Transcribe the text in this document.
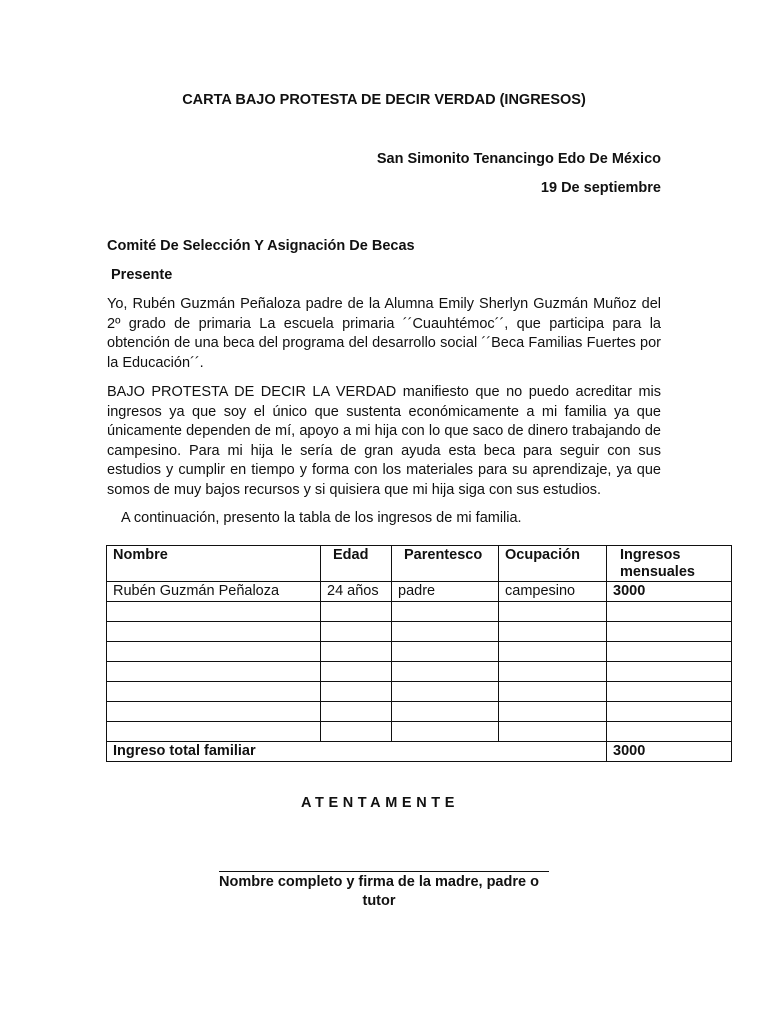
CARTA BAJO PROTESTA DE DECIR VERDAD (INGRESOS)
San Simonito Tenancingo Edo De México
19 De septiembre
Comité De Selección Y Asignación De Becas
Presente

Yo, Rubén Guzmán Peñaloza padre de la Alumna Emily Sherlyn Guzmán Muñoz del 2º grado de primaria La escuela primaria ´´Cuauhtémoc´´, que participa para la obtención de una beca del programa del desarrollo social ´´Beca Familias Fuertes por la Educación´´.

BAJO PROTESTA DE DECIR LA VERDAD manifiesto que no puedo acreditar mis ingresos ya que soy el único que sustenta económicamente a mi familia ya que únicamente dependen de mí, apoyo a mi hija con lo que saco de dinero trabajando de campesino. Para mi hija le sería de gran ayuda esta beca para seguir con sus estudios y cumplir en tiempo y forma con los materiales para su aprendizaje, ya que somos de muy bajos recursos y si quisiera que mi hija siga con sus estudios.

A continuación, presento la tabla de los ingresos de mi familia.
Nombre	Edad	Parentesco	Ocupación	Ingresos mensuales
Rubén Guzmán Peñaloza	24 años	padre	campesino	3000

Ingreso total familiar				3000
ATENTAMENTE
Nombre completo y firma de la madre, padre o tutor
